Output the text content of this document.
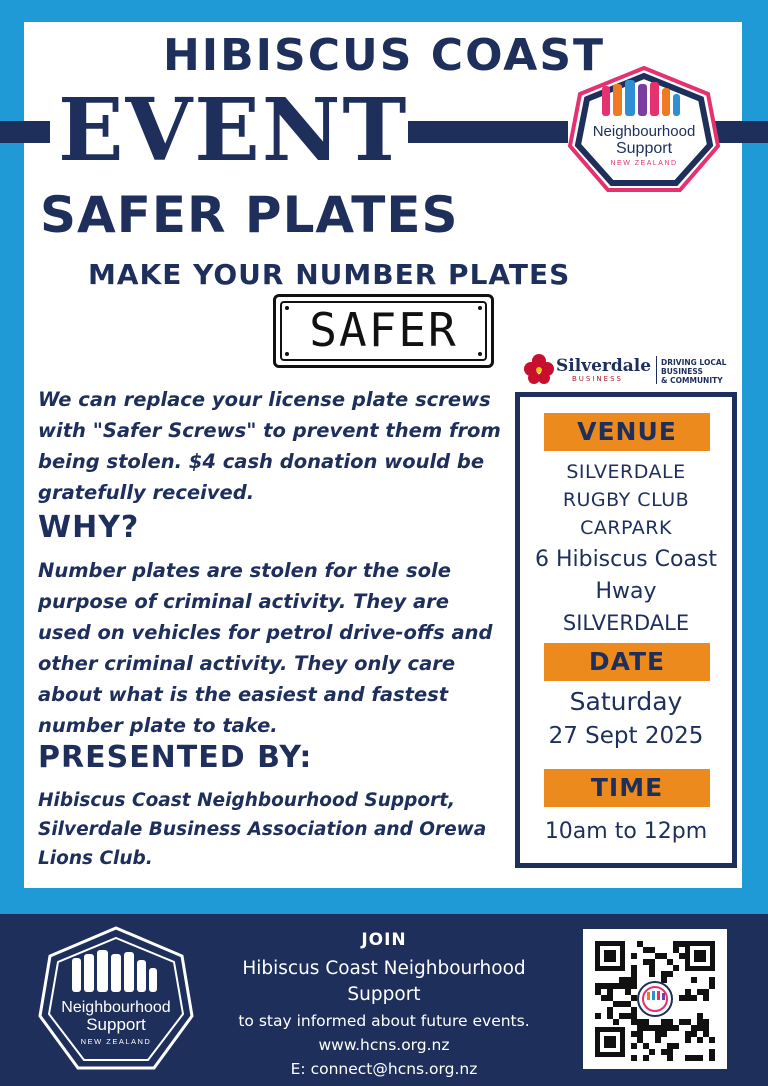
HIBISCUS COAST
EVENT	Neighbourhood
Support
NEW ZEALAND
SAFER PLATES
MAKE YOUR NUMBER PLATES
SAFER
Silverdale
BUSINESS
DRIVING LOCAL
BUSINESS
& COMMUNITY
We can replace your license plate screws with "Safer Screws" to prevent them from being stolen. $4 cash donation would be gratefully received.
WHY?
Number plates are stolen for the sole purpose of criminal activity. They are used on vehicles for petrol drive-offs and other criminal activity. They only care about what is the easiest and fastest number plate to take.
PRESENTED BY:
Hibiscus Coast Neighbourhood Support, Silverdale Business Association and Orewa Lions Club.
VENUE
SILVERDALE
RUGBY CLUB
CARPARK
6 Hibiscus Coast
Hway
SILVERDALE
DATE
Saturday
27 Sept 2025
TIME
10am to 12pm
Neighbourhood
Support
NEW ZEALAND
JOIN
Hibiscus Coast Neighbourhood
Support
to stay informed about future events.
www.hcns.org.nz
E: connect@hcns.org.nz
